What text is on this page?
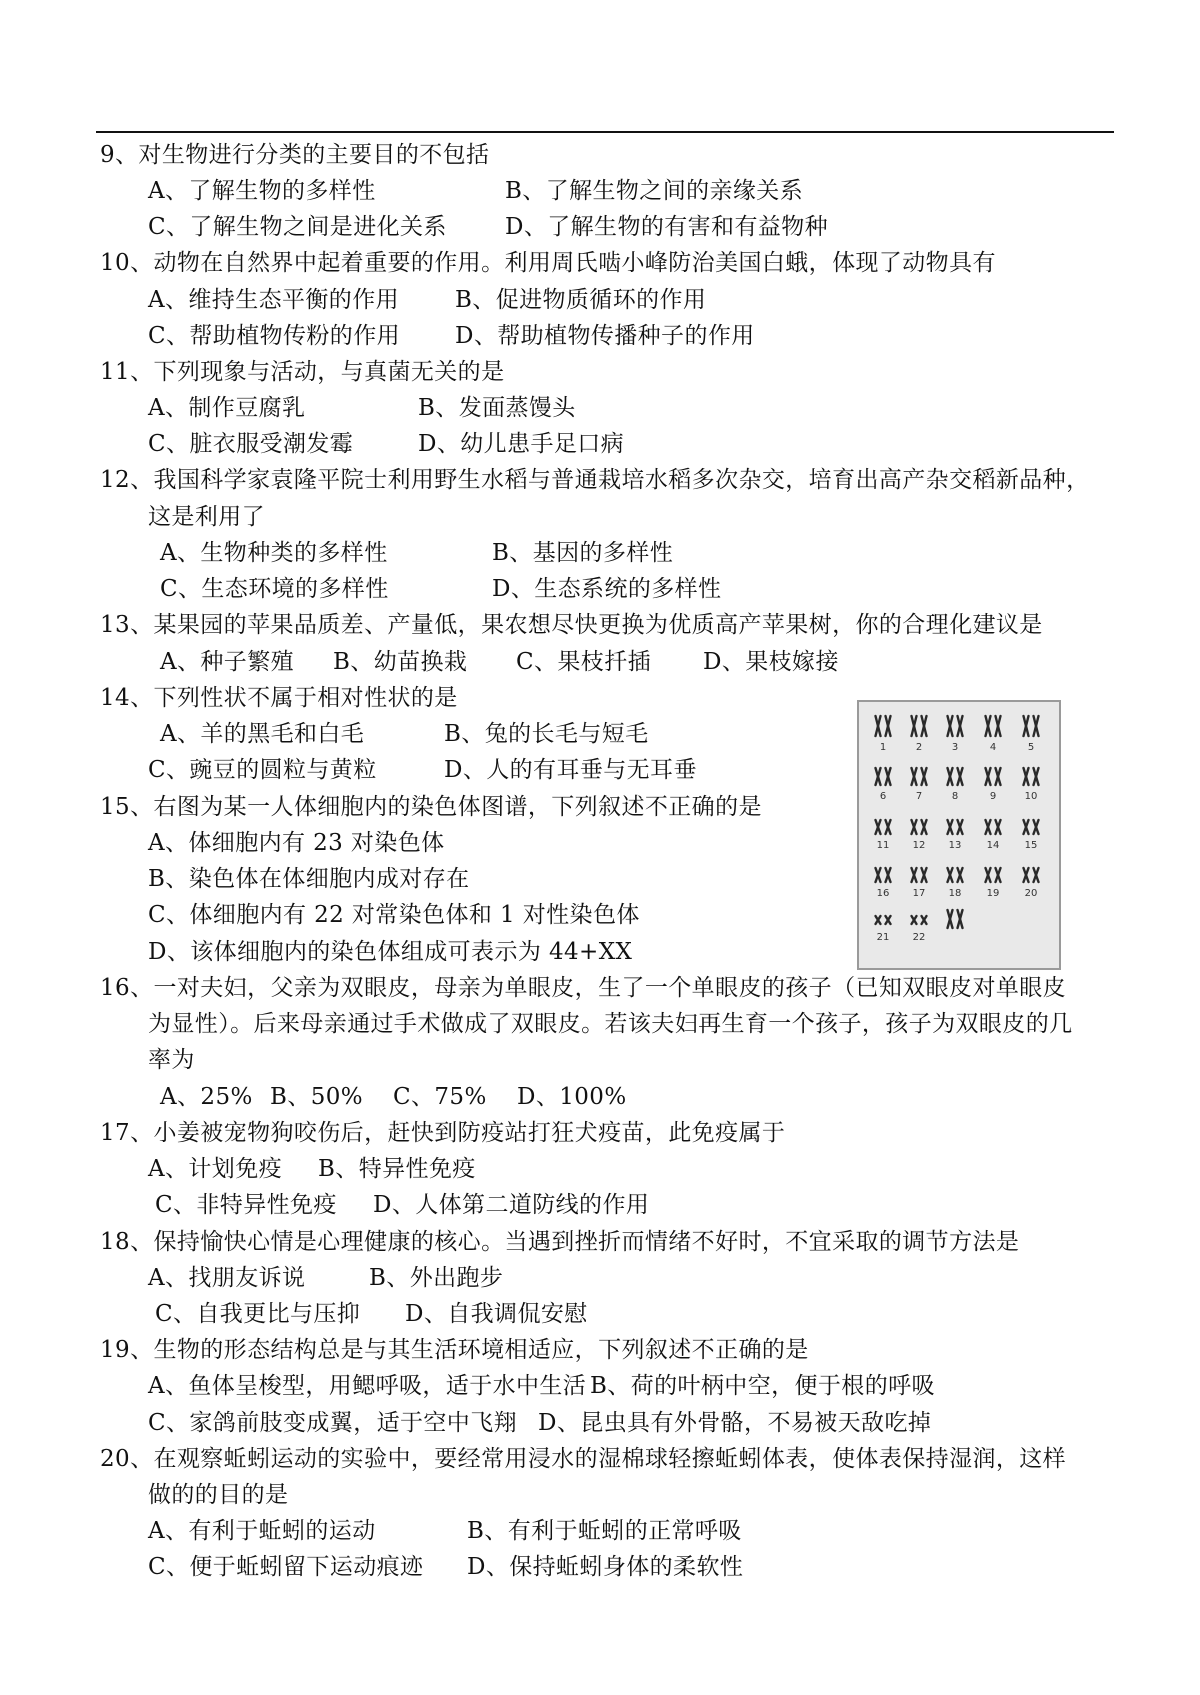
9、对生物进行分类的主要目的不包括
A、了解生物的多样性	B、了解生物之间的亲缘关系
C、了解生物之间是进化关系	D、了解生物的有害和有益物种
10、动物在自然界中起着重要的作用。利用周氏啮小峰防治美国白蛾，体现了动物具有
A、维持生态平衡的作用 B、促进物质循环的作用
C、帮助植物传粉的作用 D、帮助植物传播种子的作用
11、下列现象与活动，与真菌无关的是
A、制作豆腐乳	B、发面蒸馒头
C、脏衣服受潮发霉	D、幼儿患手足口病
12、我国科学家袁隆平院士利用野生水稻与普通栽培水稻多次杂交，培育出高产杂交稻新品种，
这是利用了
A、生物种类的多样性	B、基因的多样性
C、生态环境的多样性	D、生态系统的多样性
13、某果园的苹果品质差、产量低，果农想尽快更换为优质高产苹果树，你的合理化建议是
A、种子繁殖 B、幼苗换栽 C、果枝扦插 D、果枝嫁接
14、下列性状不属于相对性状的是
A、羊的黑毛和白毛	B、兔的长毛与短毛
C、豌豆的圆粒与黄粒	D、人的有耳垂与无耳垂
15、右图为某一人体细胞内的染色体图谱，下列叙述不正确的是
A、体细胞内有 23 对染色体
B、染色体在体细胞内成对存在
C、体细胞内有 22 对常染色体和 1 对性染色体
D、该体细胞内的染色体组成可表示为 44+XX
1	2	3	4	5
6	7	8	9	10
11 12 13	14	15
16 17 18	19	20
21 22
16、一对夫妇，父亲为双眼皮，母亲为单眼皮，生了一个单眼皮的孩子（已知双眼皮对单眼皮
为显性）。后来母亲通过手术做成了双眼皮。若该夫妇再生育一个孩子，孩子为双眼皮的几
率为
A、25% B、50% C、75% D、100%
17、小姜被宠物狗咬伤后，赶快到防疫站打狂犬疫苗，此免疫属于
A、计划免疫 B、特异性免疫
C、非特异性免疫 D、人体第二道防线的作用
18、保持愉快心情是心理健康的核心。当遇到挫折而情绪不好时，不宜采取的调节方法是
A、找朋友诉说	B、外出跑步
C、自我更比与压抑 D、自我调侃安慰
19、生物的形态结构总是与其生活环境相适应，下列叙述不正确的是
A、鱼体呈梭型，用鳃呼吸，适于水中生活 B、荷的叶柄中空，便于根的呼吸
C、家鸽前肢变成翼，适于空中飞翔 D、昆虫具有外骨骼，不易被天敌吃掉
20、在观察蚯蚓运动的实验中，要经常用浸水的湿棉球轻擦蚯蚓体表，使体表保持湿润，这样
做的的目的是
A、有利于蚯蚓的运动	B、有利于蚯蚓的正常呼吸
C、便于蚯蚓留下运动痕迹 D、保持蚯蚓身体的柔软性
